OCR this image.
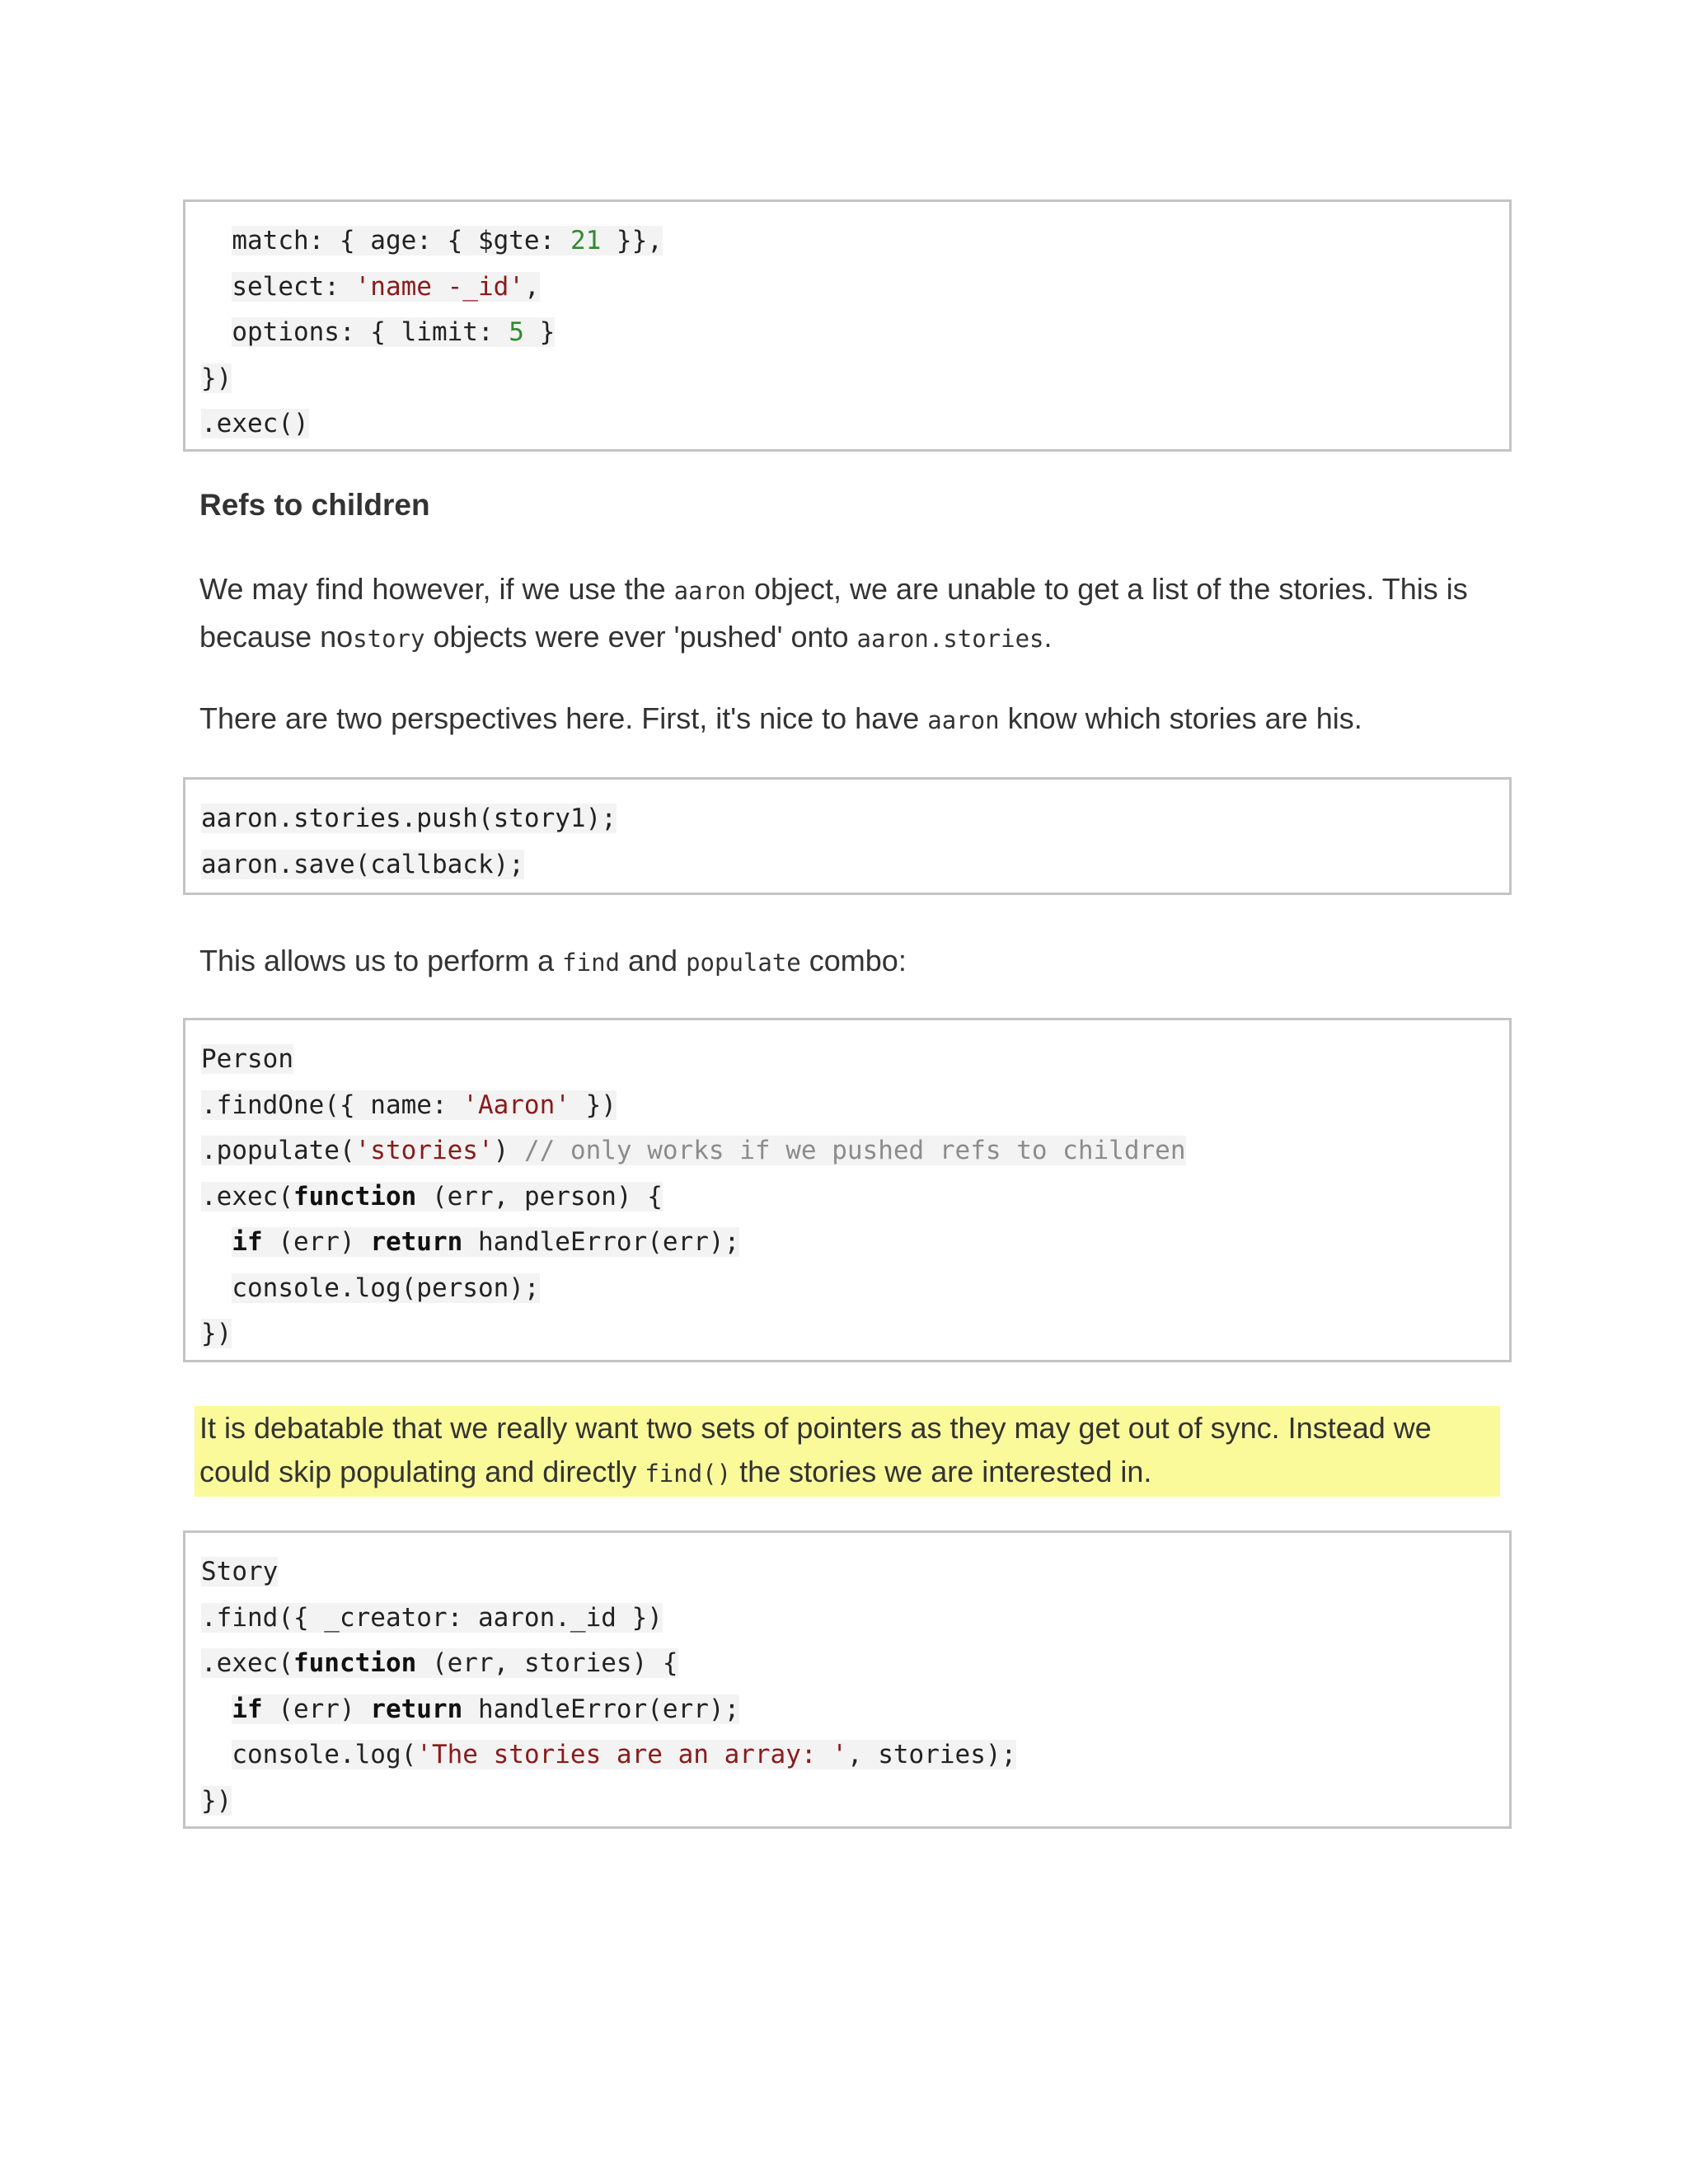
match: { age: { $gte: 21 }},
select: 'name -_id',
options: { limit: 5 }
})
.exec()
Refs to children
We may find however, if we use the aaron object, we are unable to get a list of the stories. This is because nostory objects were ever 'pushed' onto aaron.stories.
There are two perspectives here. First, it's nice to have aaron know which stories are his.
aaron.stories.push(story1);
aaron.save(callback);
This allows us to perform a find and populate combo:
Person
.findOne({ name: 'Aaron' })
.populate('stories') // only works if we pushed refs to children
.exec(function (err, person) {
if (err) return handleError(err);
console.log(person);
})
It is debatable that we really want two sets of pointers as they may get out of sync. Instead we could skip populating and directly find() the stories we are interested in.
Story
.find({ _creator: aaron._id })
.exec(function (err, stories) {
if (err) return handleError(err);
console.log('The stories are an array: ', stories);
})
